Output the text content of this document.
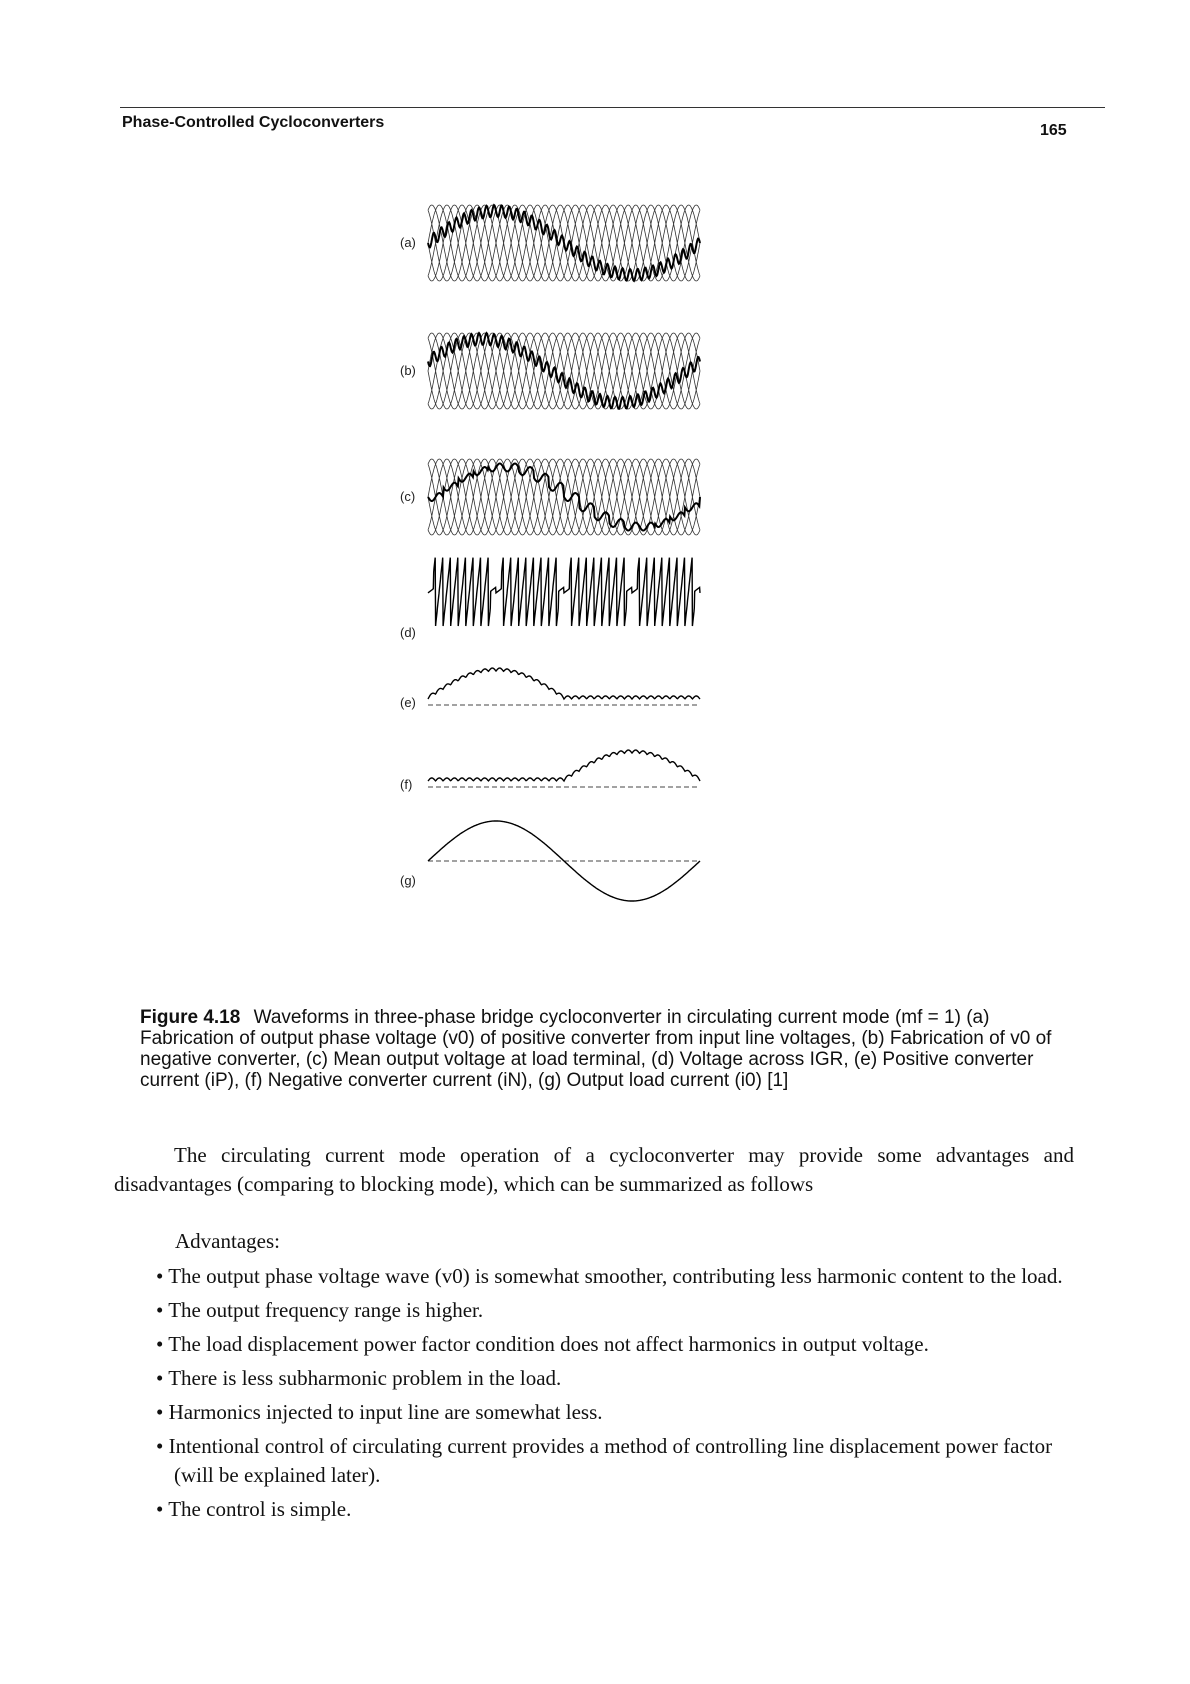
Phase-Controlled Cycloconverters	165
(a)
(b)
(c)
(d)
(e)
(f)
(g)
Figure 4.18 Waveforms in three-phase bridge cycloconverter in circulating current mode (mf = 1) (a) Fabrication of output phase voltage (v0) of positive converter from input line voltages, (b) Fabrication of v0 of negative converter, (c) Mean output voltage at load terminal, (d) Voltage across IGR, (e) Positive converter current (iP), (f) Negative converter current (iN), (g) Output load current (i0) [1]

The circulating current mode operation of a cycloconverter may provide some advantages and disadvantages (comparing to blocking mode), which can be summarized as follows

Advantages:
• The output phase voltage wave (v0) is somewhat smoother, contributing less harmonic content to the load.
• The output frequency range is higher.
• The load displacement power factor condition does not affect harmonics in output voltage.
• There is less subharmonic problem in the load.
• Harmonics injected to input line are somewhat less.
• Intentional control of circulating current provides a method of controlling line displacement power factor (will be explained later).
• The control is simple.
